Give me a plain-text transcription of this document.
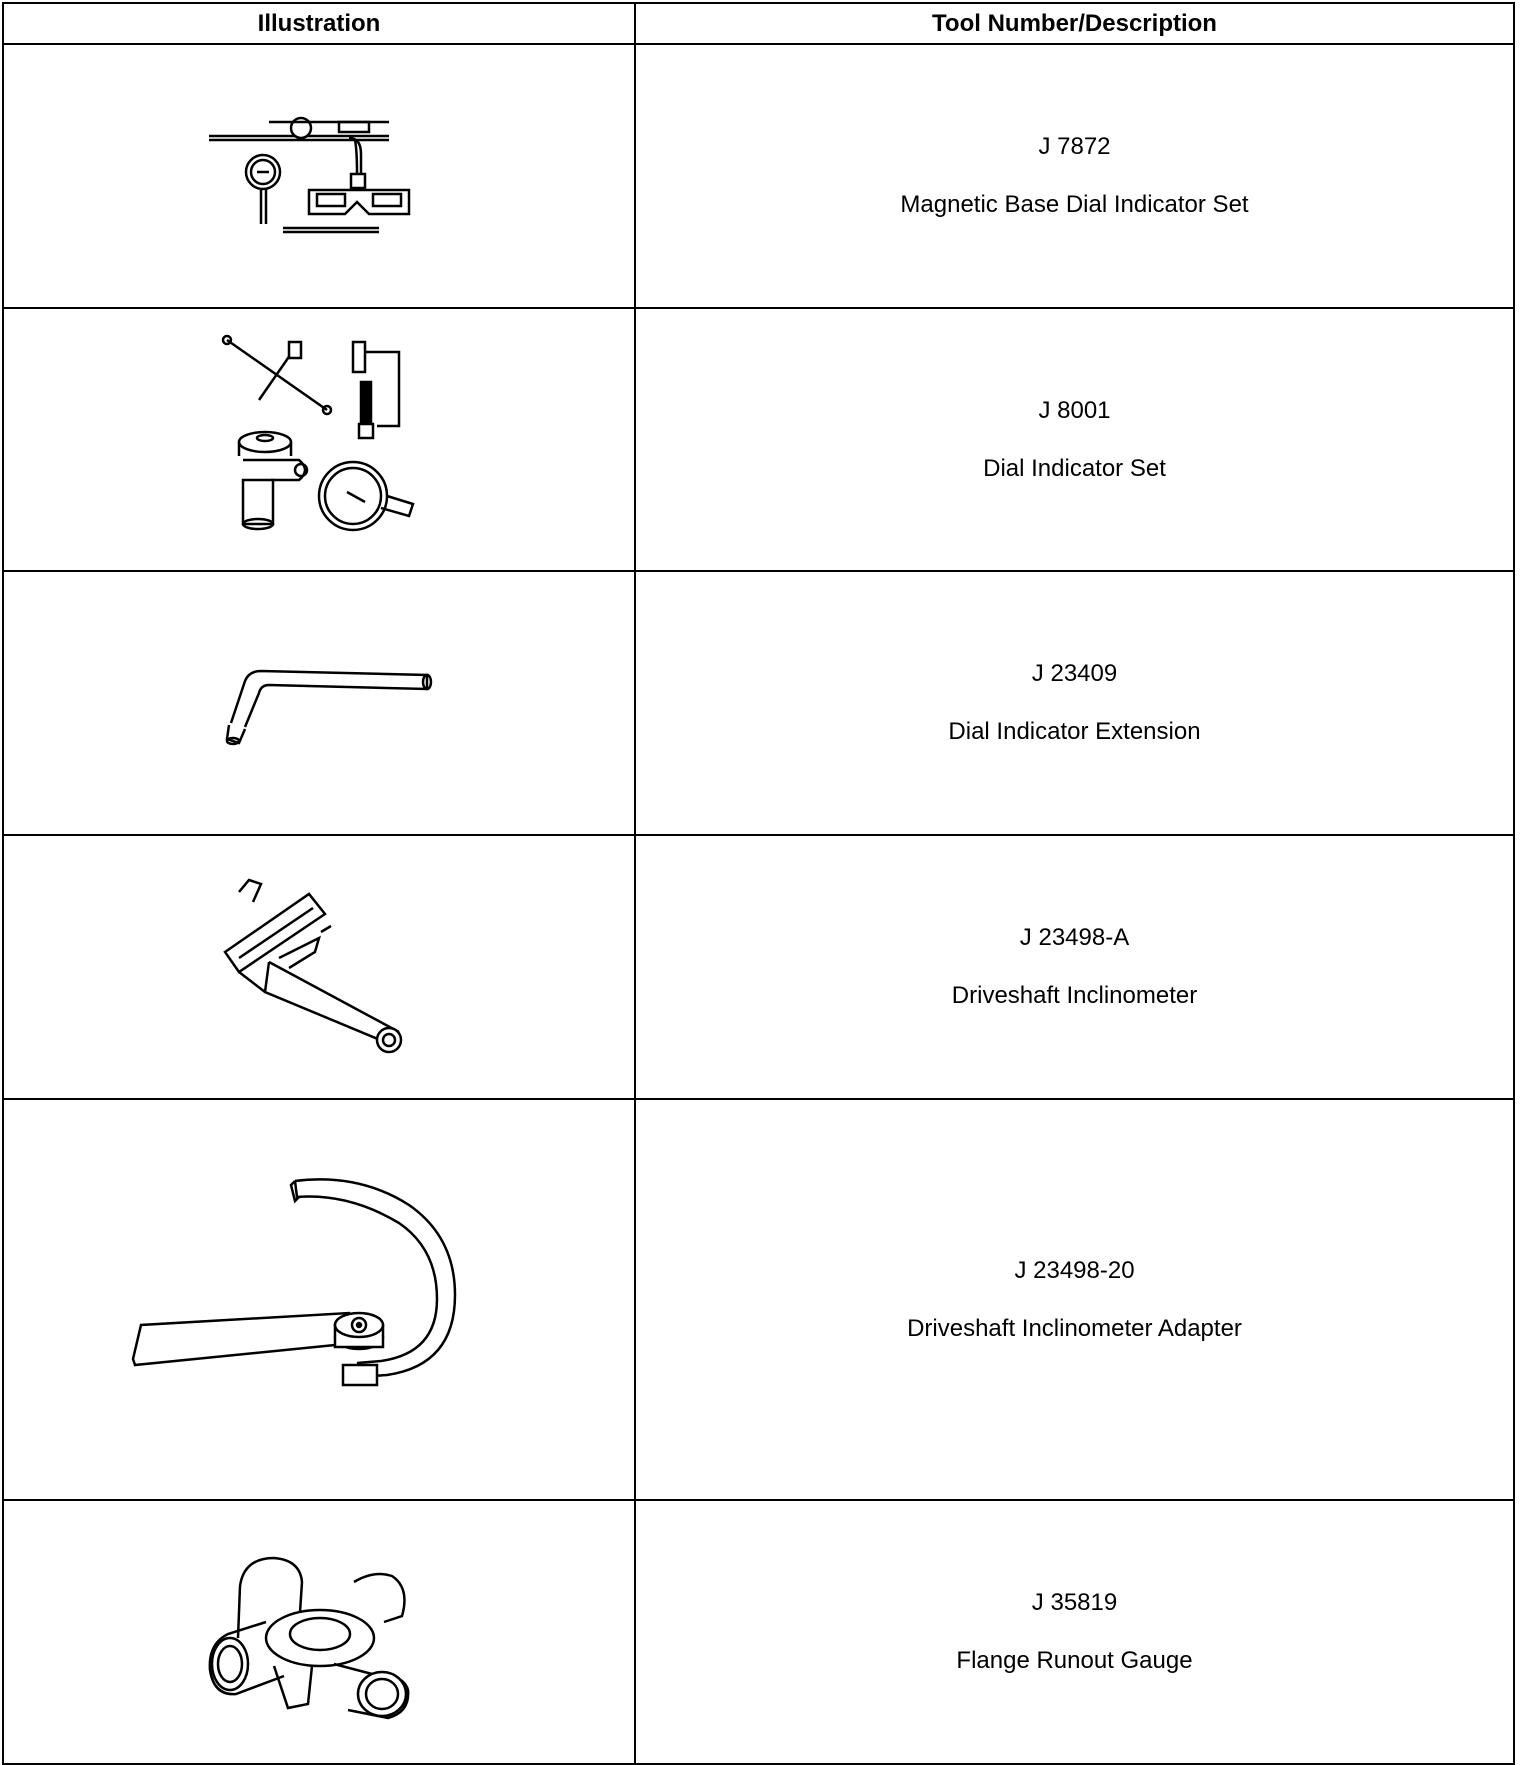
Illustration	Tool Number/Description

J 7872
Magnetic Base Dial Indicator Set

J 8001
Dial Indicator Set

J 23409
Dial Indicator Extension

J 23498-A
Driveshaft Inclinometer

J 23498-20
Driveshaft Inclinometer Adapter

J 35819
Flange Runout Gauge
